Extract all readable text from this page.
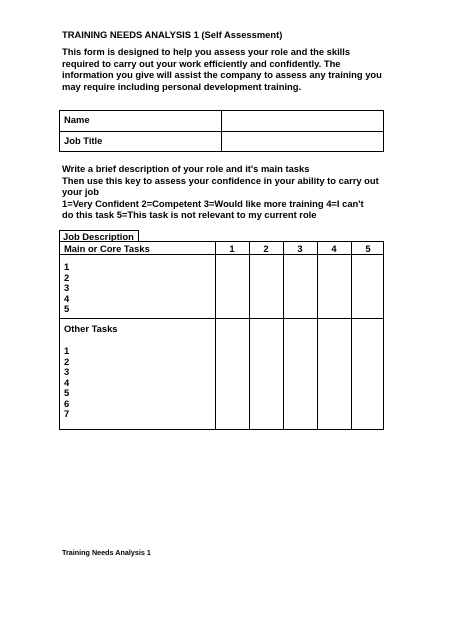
TRAINING NEEDS ANALYSIS 1 (Self Assessment)
This form is designed to help you assess your role and the skills
required to carry out your work efficiently and confidently. The
information you give will assist the company to assess any training you
may require including personal development training.
Name
Job Title
Write a brief description of your role and it's main tasks
Then use this key to assess your confidence in your ability to carry out
your job
1=Very Confident 2=Competent 3=Would like more training 4=I can't
do this task 5=This task is not relevant to my current role
Job Description
Main or Core Tasks	1	2	3	4	5
1
2
3
4
5
Other Tasks
1
2
3
4
5
6
7
Training Needs Analysis 1
